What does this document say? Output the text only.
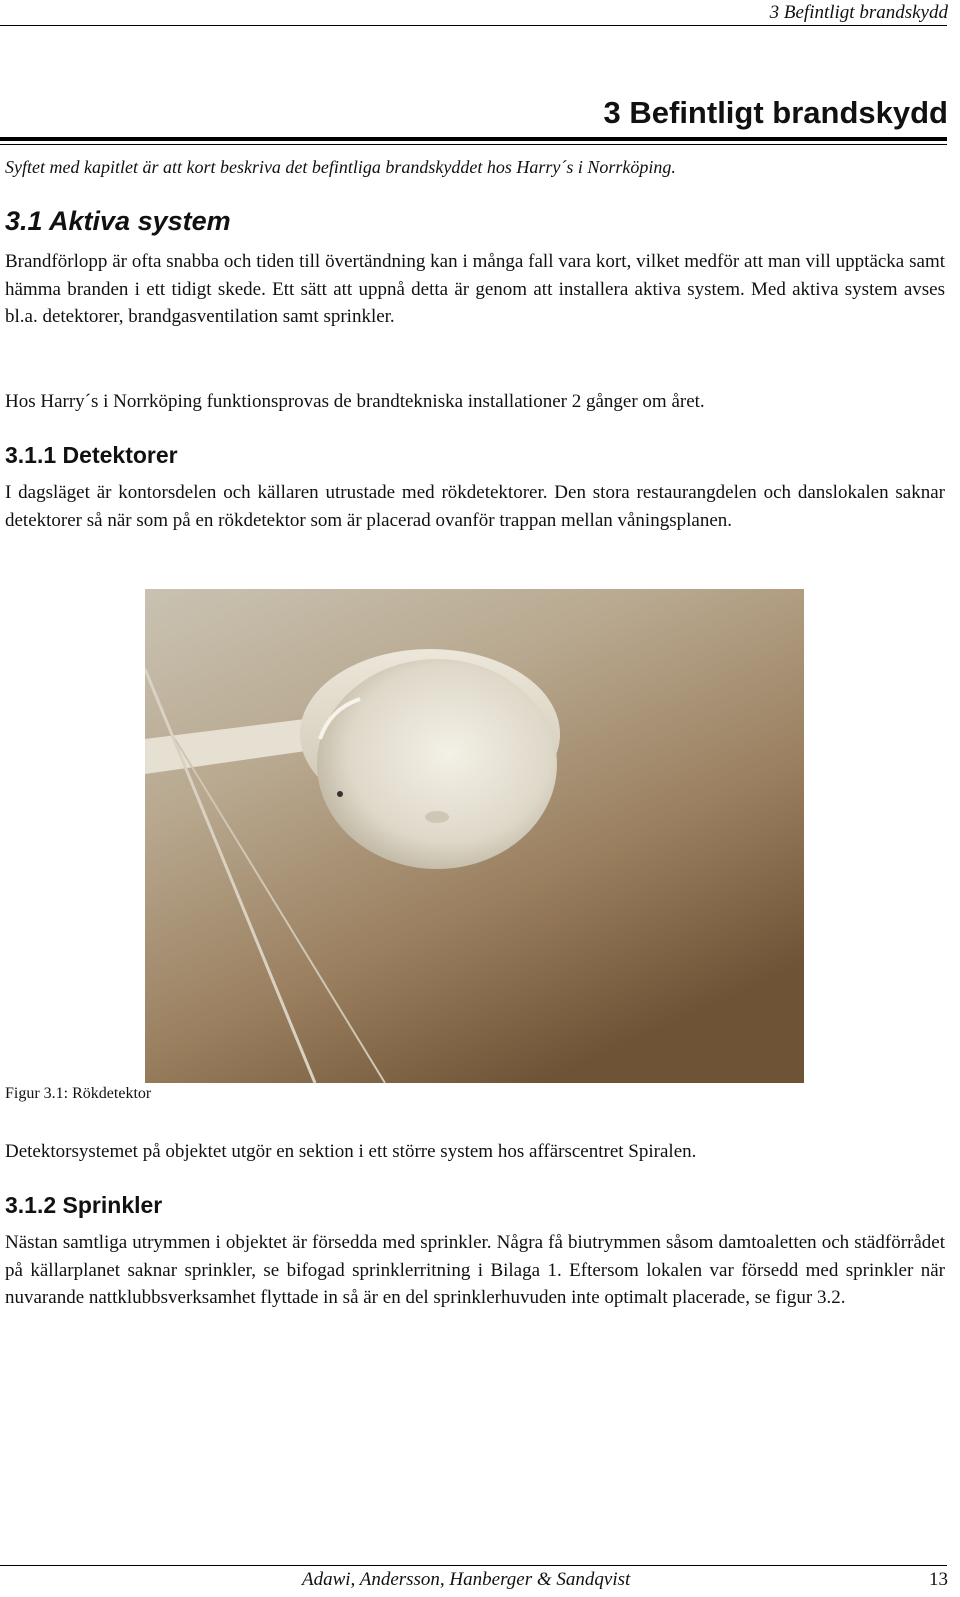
3 Befintligt brandskydd
3 Befintligt brandskydd

Syftet med kapitlet är att kort beskriva det befintliga brandskyddet hos Harry´s i Norrköping.

3.1 Aktiva system

Brandförlopp är ofta snabba och tiden till övertändning kan i många fall vara kort, vilket medför att man vill upptäcka samt hämma branden i ett tidigt skede. Ett sätt att uppnå detta är genom att installera aktiva system. Med aktiva system avses bl.a. detektorer, brandgasventilation samt sprinkler.

Hos Harry´s i Norrköping funktionsprovas de brandtekniska installationer 2 gånger om året.

3.1.1 Detektorer

I dagsläget är kontorsdelen och källaren utrustade med rökdetektorer. Den stora restaurangdelen och danslokalen saknar detektorer så när som på en rökdetektor som är placerad ovanför trappan mellan våningsplanen.

Figur 3.1: Rökdetektor

Detektorsystemet på objektet utgör en sektion i ett större system hos affärscentret Spiralen.

3.1.2 Sprinkler

Nästan samtliga utrymmen i objektet är försedda med sprinkler. Några få biutrymmen såsom damtoaletten och städförrådet på källarplanet saknar sprinkler, se bifogad sprinklerritning i Bilaga 1. Eftersom lokalen var försedd med sprinkler när nuvarande nattklubbsverksamhet flyttade in så är en del sprinklerhuvuden inte optimalt placerade, se figur 3.2.

Adawi, Andersson, Hanberger & Sandqvist	13
